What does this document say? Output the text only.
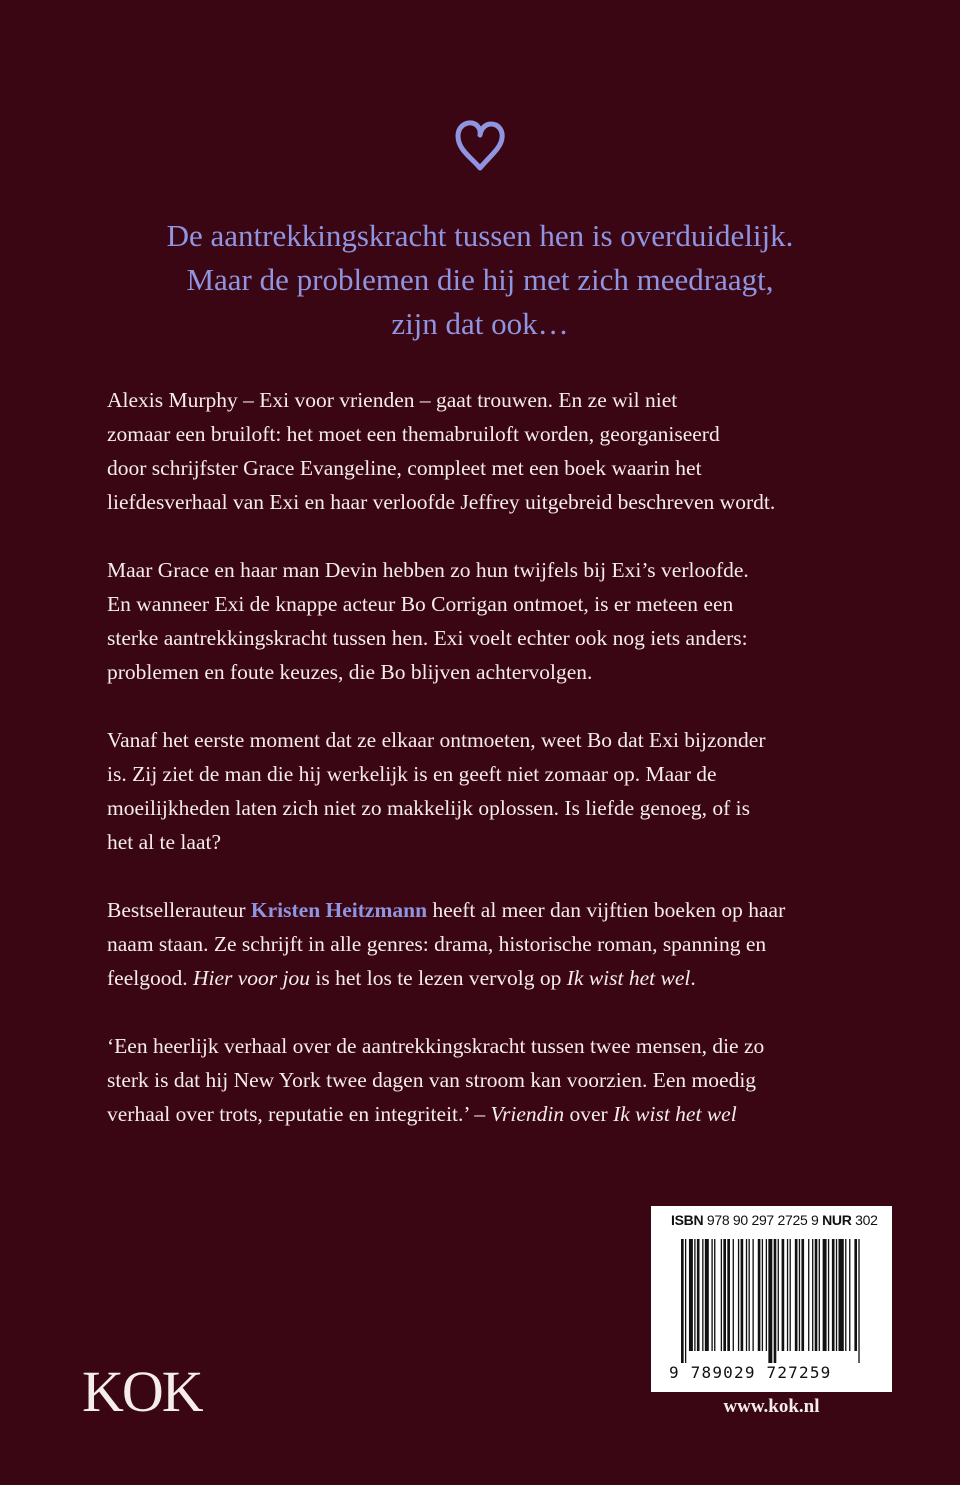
De aantrekkingskracht tussen hen is overduidelijk.
Maar de problemen die hij met zich meedraagt,
zijn dat ook…

Alexis Murphy – Exi voor vrienden – gaat trouwen. En ze wil niet
zomaar een bruiloft: het moet een themabruiloft worden, georganiseerd
door schrijfster Grace Evangeline, compleet met een boek waarin het
liefdesverhaal van Exi en haar verloofde Jeffrey uitgebreid beschreven wordt.

Maar Grace en haar man Devin hebben zo hun twijfels bij Exi’s verloofde.
En wanneer Exi de knappe acteur Bo Corrigan ontmoet, is er meteen een
sterke aantrekkingskracht tussen hen. Exi voelt echter ook nog iets anders:
problemen en foute keuzes, die Bo blijven achtervolgen.

Vanaf het eerste moment dat ze elkaar ontmoeten, weet Bo dat Exi bijzonder
is. Zij ziet de man die hij werkelijk is en geeft niet zomaar op. Maar de
moeilijkheden laten zich niet zo makkelijk oplossen. Is liefde genoeg, of is
het al te laat?

Bestsellerauteur Kristen Heitzmann heeft al meer dan vijftien boeken op haar
naam staan. Ze schrijft in alle genres: drama, historische roman, spanning en
feelgood. Hier voor jou is het los te lezen vervolg op Ik wist het wel.

‘Een heerlijk verhaal over de aantrekkingskracht tussen twee mensen, die zo
sterk is dat hij New York twee dagen van stroom kan voorzien. Een moedig
verhaal over trots, reputatie en integriteit.’ – Vriendin over Ik wist het wel

ISBN 978 90 297 2725 9 NUR 302
9 789029 727259
www.kok.nl
KOK
